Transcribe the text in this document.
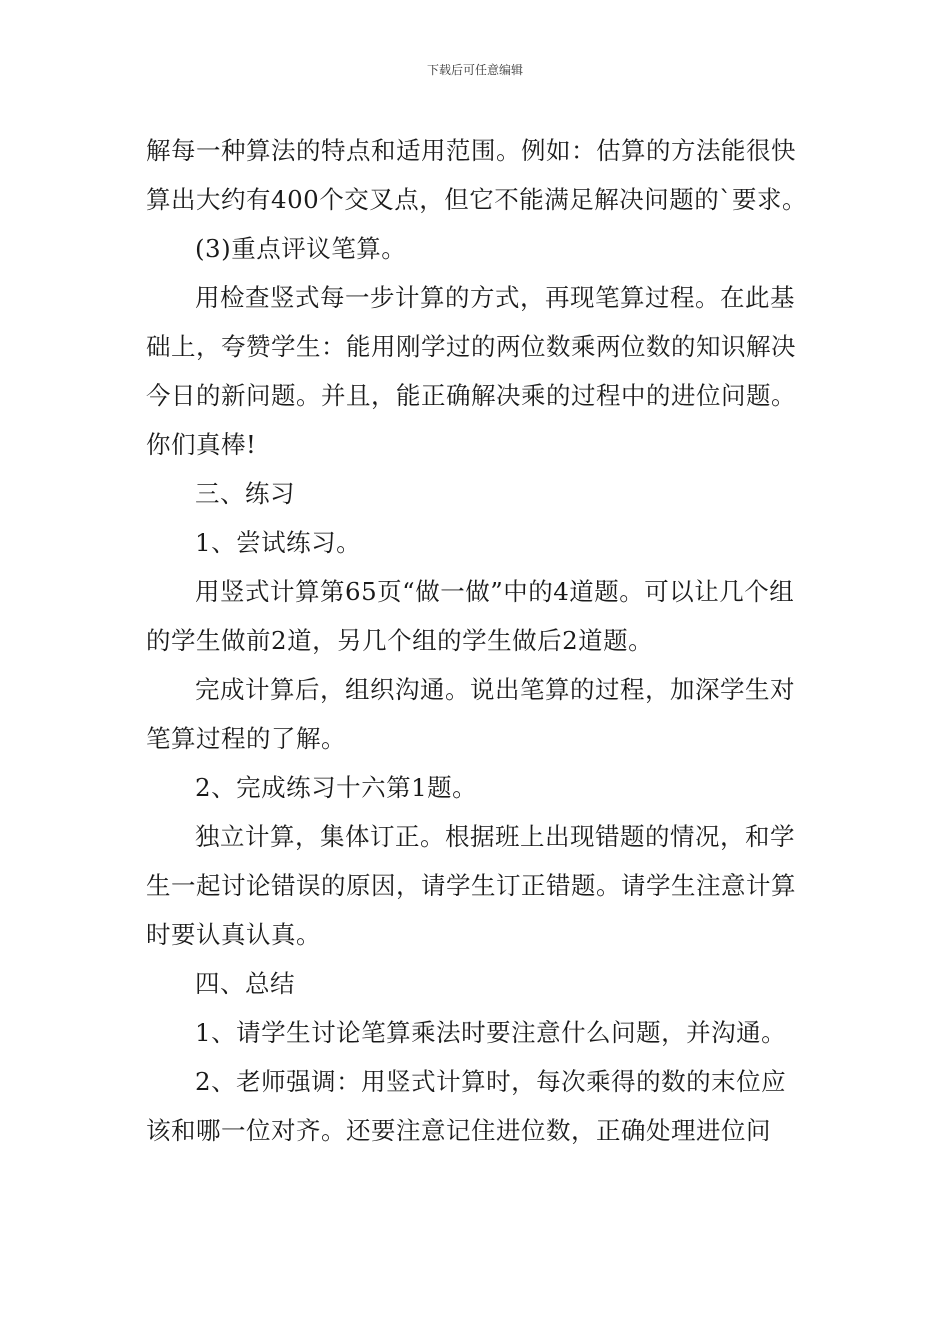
下载后可任意编辑

解每一种算法的特点和适用范围。例如：估算的方法能很快算出大约有400个交叉点，但它不能满足解决问题的`要求。

(3)重点评议笔算。

用检查竖式每一步计算的方式，再现笔算过程。在此基础上，夸赞学生：能用刚学过的两位数乘两位数的知识解决今日的新问题。并且，能正确解决乘的过程中的进位问题。你们真棒!

三、练习

1、尝试练习。

用竖式计算第65页“做一做”中的4道题。可以让几个组的学生做前2道，另几个组的学生做后2道题。

完成计算后，组织沟通。说出笔算的过程，加深学生对笔算过程的了解。

2、完成练习十六第1题。

独立计算，集体订正。根据班上出现错题的情况，和学生一起讨论错误的原因，请学生订正错题。请学生注意计算时要认真认真。

四、总结

1、请学生讨论笔算乘法时要注意什么问题，并沟通。

2、老师强调：用竖式计算时，每次乘得的数的末位应该和哪一位对齐。还要注意记住进位数，正确处理进位问
